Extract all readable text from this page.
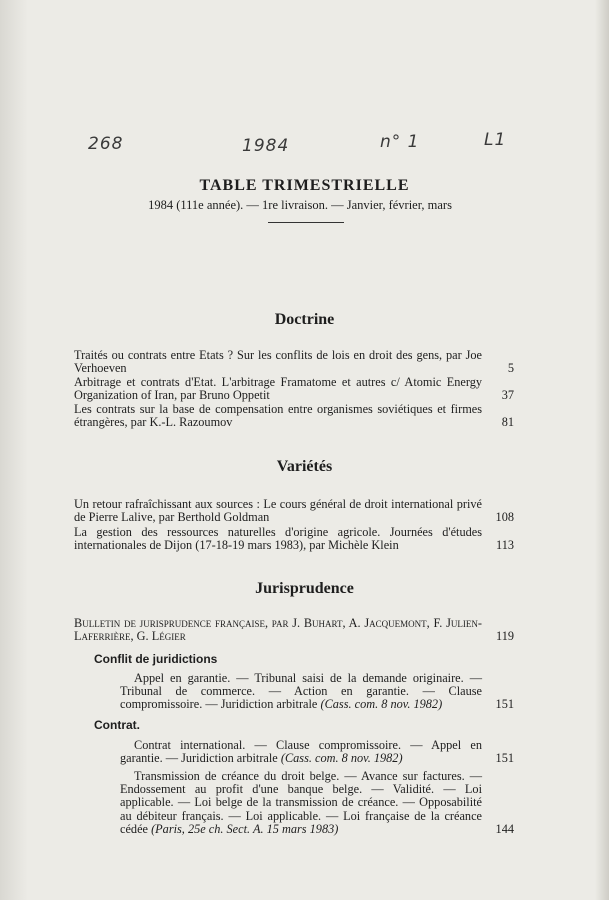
268	1984	n° 1	L1
TABLE TRIMESTRIELLE
1984 (111e année). — 1re livraison. — Janvier, février, mars
Doctrine
Traités ou contrats entre Etats ? Sur les conflits de lois en droit des gens, par Joe Verhoeven	5
Arbitrage et contrats d'Etat. L'arbitrage Framatome et autres c/ Atomic Energy Organization of Iran, par Bruno Oppetit	37
Les contrats sur la base de compensation entre organismes soviétiques et firmes étrangères, par K.-L. Razoumov	81
Variétés
Un retour rafraîchissant aux sources : Le cours général de droit international privé de Pierre Lalive, par Berthold Goldman	108
La gestion des ressources naturelles d'origine agricole. Journées d'études internationales de Dijon (17-18-19 mars 1983), par Michèle Klein	113
Jurisprudence
Bulletin de jurisprudence française, par J. Buhart, A. Jacquemont, F. Julien-Laferrière, G. Légier	119
Conflit de juridictions
Appel en garantie. — Tribunal saisi de la demande originaire. — Tribunal de commerce. — Action en garantie. — Clause compromissoire. — Juridiction arbitrale (Cass. com. 8 nov. 1982)	151
Contrat.
Contrat international. — Clause compromissoire. — Appel en garantie. — Juridiction arbitrale (Cass. com. 8 nov. 1982)	151
Transmission de créance du droit belge. — Avance sur factures. — Endossement au profit d'une banque belge. — Validité. — Loi applicable. — Loi belge de la transmission de créance. — Opposabilité au débiteur français. — Loi applicable. — Loi française de la créance cédée (Paris, 25e ch. Sect. A. 15 mars 1983)	144
